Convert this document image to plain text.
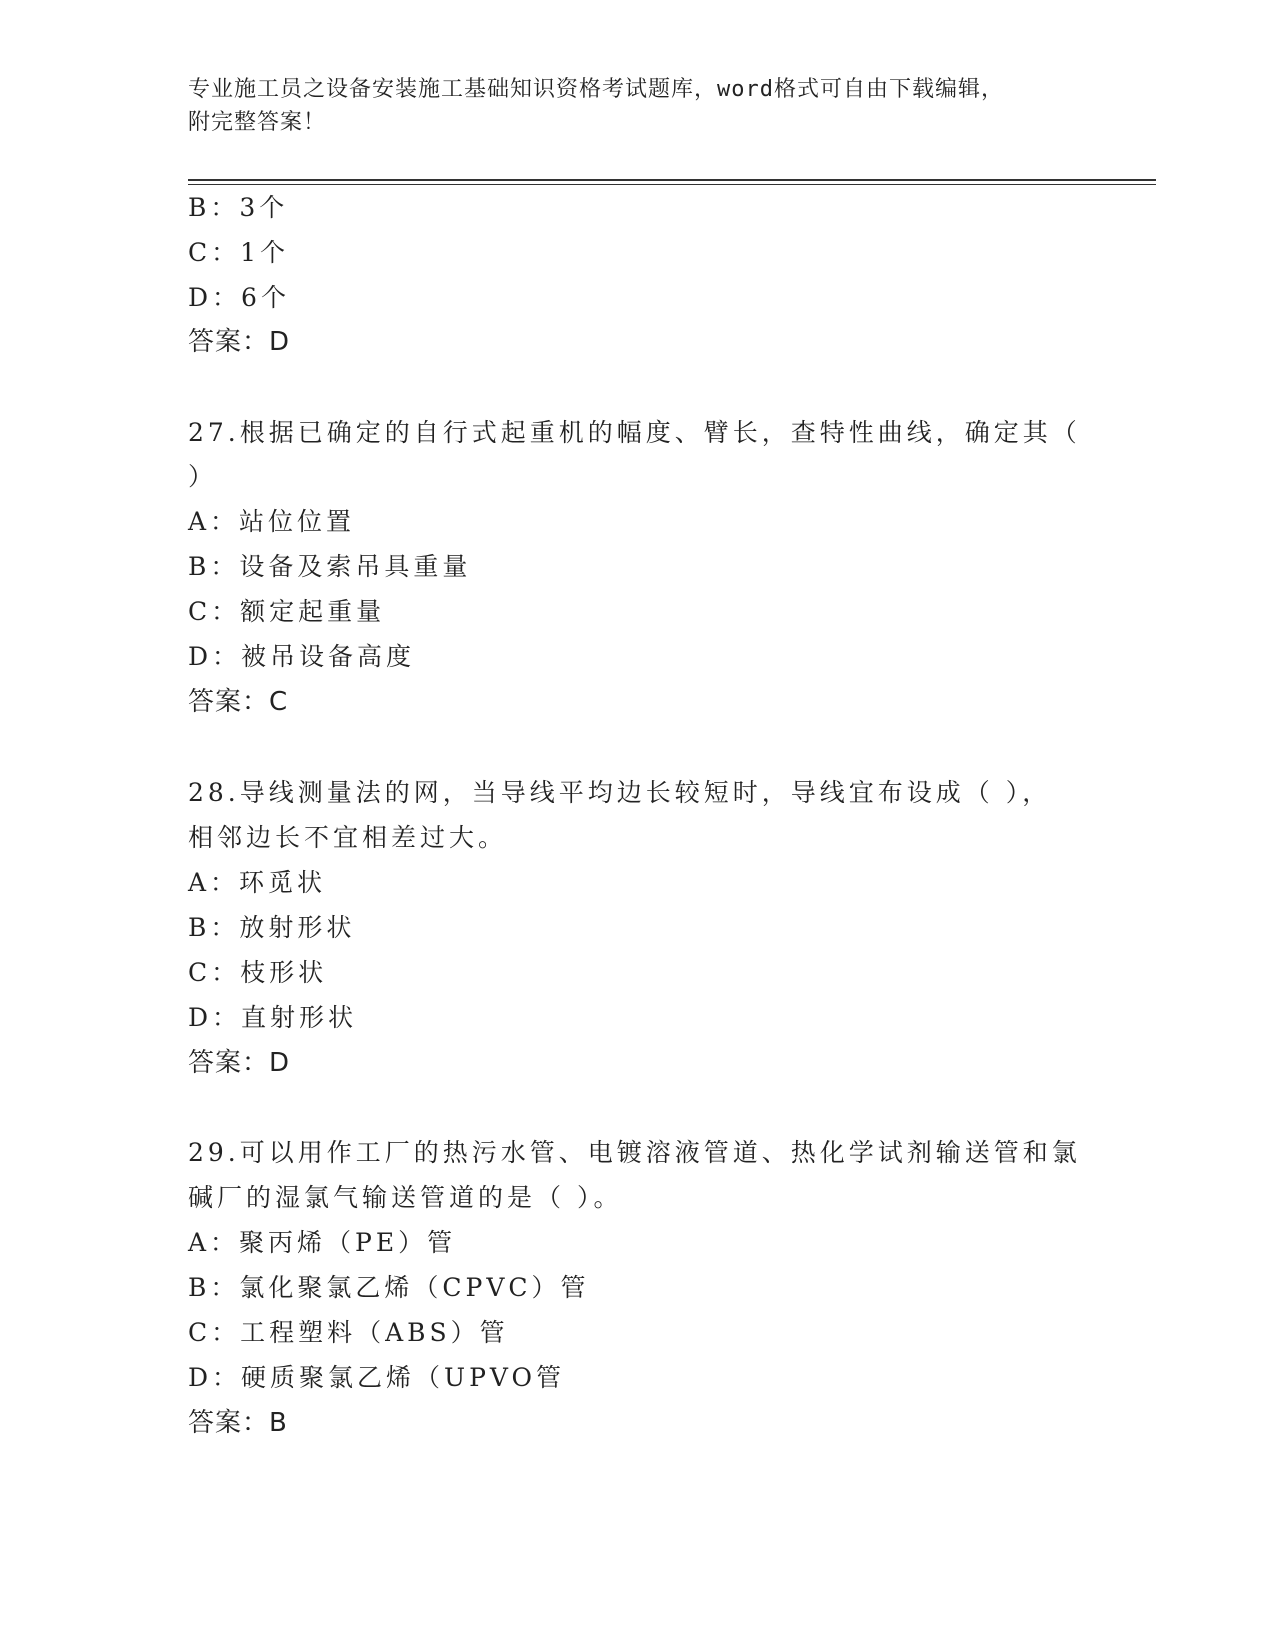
专业施工员之设备安装施工基础知识资格考试题库，word格式可自由下载编辑，
附完整答案！
B：3个
C：1个
D：6个
答案：D
27.根据已确定的自行式起重机的幅度、臂长，查特性曲线，确定其（
）
A：站位位置
B：设备及索吊具重量
C：额定起重量
D：被吊设备高度
答案：C
28.导线测量法的网，当导线平均边长较短时，导线宜布设成（ ），
相邻边长不宜相差过大。
A：环觅状
B：放射形状
C：枝形状
D：直射形状
答案：D
29.可以用作工厂的热污水管、电镀溶液管道、热化学试剂输送管和氯
碱厂的湿氯气输送管道的是（ ）。
A：聚丙烯（PE）管
B：氯化聚氯乙烯（CPVC）管
C：工程塑料（ABS）管
D：硬质聚氯乙烯（UPVO管
答案：B
